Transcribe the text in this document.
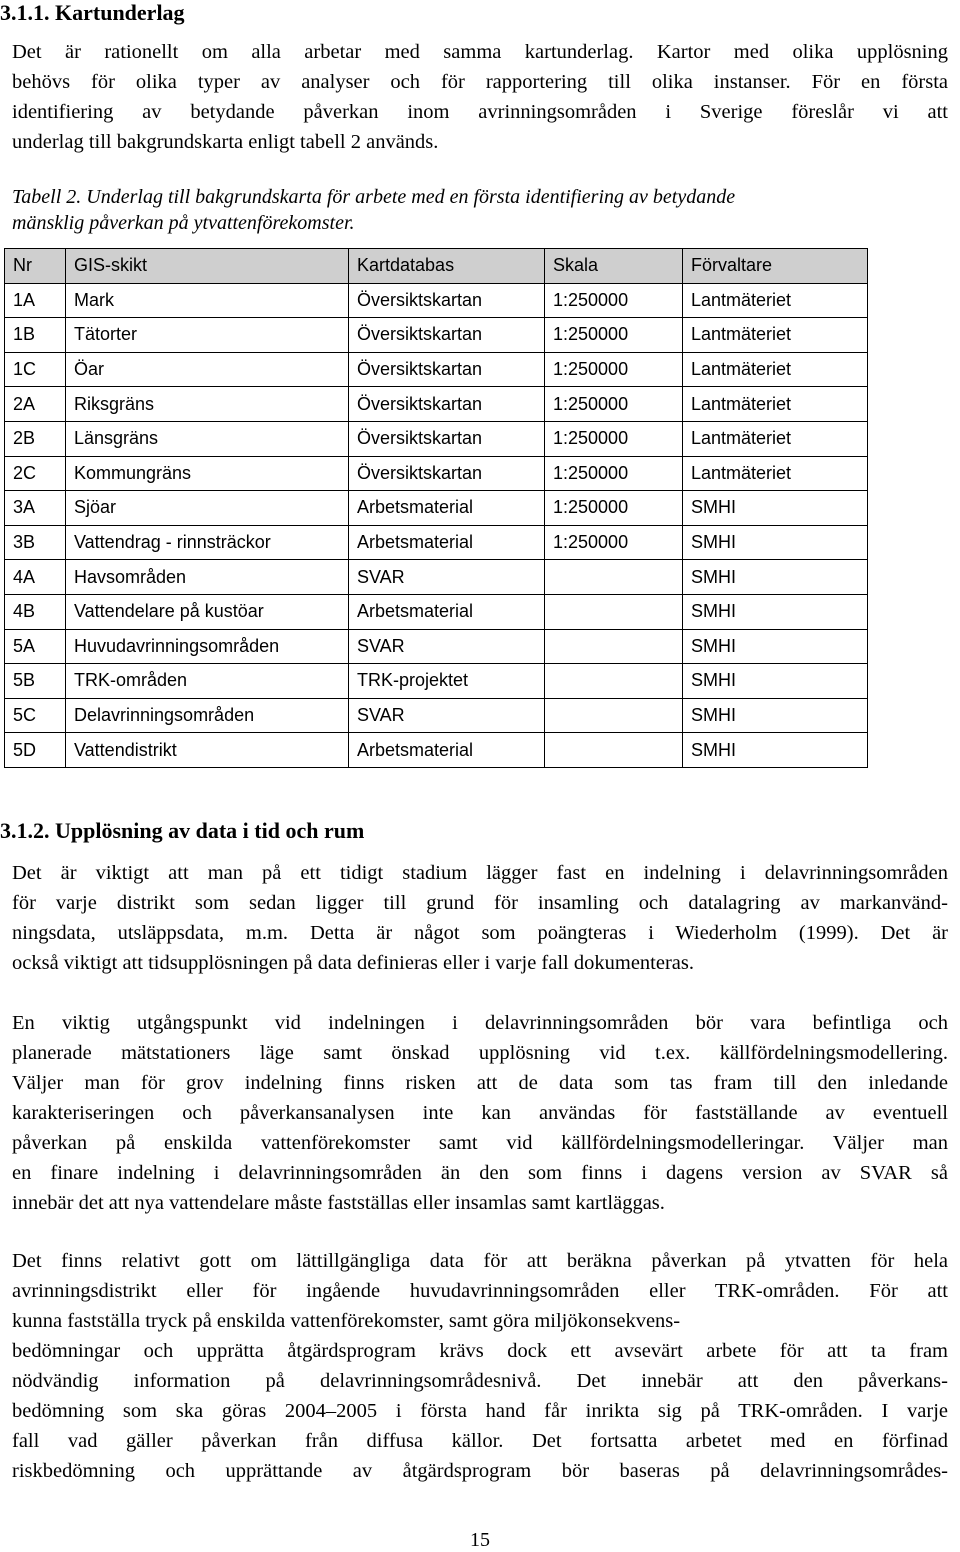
3.1.1. Kartunderlag

Det är rationellt om alla arbetar med samma kartunderlag. Kartor med olika upplösning
behövs för olika typer av analyser och för rapportering till olika instanser. För en första
identifiering av betydande påverkan inom avrinningsområden i Sverige föreslår vi att
underlag till bakgrundskarta enligt tabell 2 används.

Tabell 2. Underlag till bakgrundskarta för arbete med en första identifiering av betydande
mänsklig påverkan på ytvattenförekomster.

Nr	GIS-skikt	Kartdatabas	Skala	Förvaltare
1A	Mark	Översiktskartan	1:250000	Lantmäteriet
1B	Tätorter	Översiktskartan	1:250000	Lantmäteriet
1C	Öar	Översiktskartan	1:250000	Lantmäteriet
2A	Riksgräns	Översiktskartan	1:250000	Lantmäteriet
2B	Länsgräns	Översiktskartan	1:250000	Lantmäteriet
2C	Kommungräns	Översiktskartan	1:250000	Lantmäteriet
3A	Sjöar	Arbetsmaterial	1:250000	SMHI
3B	Vattendrag - rinnsträckor	Arbetsmaterial	1:250000	SMHI
4A	Havsområden	SVAR		SMHI
4B	Vattendelare på kustöar	Arbetsmaterial		SMHI
5A	Huvudavrinningsområden	SVAR		SMHI
5B	TRK-områden	TRK-projektet		SMHI
5C	Delavrinningsområden	SVAR		SMHI
5D	Vattendistrikt	Arbetsmaterial		SMHI
3.1.2. Upplösning av data i tid och rum

Det är viktigt att man på ett tidigt stadium lägger fast en indelning i delavrinningsområden
för varje distrikt som sedan ligger till grund för insamling och datalagring av markanvänd-
ningsdata, utsläppsdata, m.m. Detta är något som poängteras i Wiederholm (1999). Det är
också viktigt att tidsupplösningen på data definieras eller i varje fall dokumenteras.

En viktig utgångspunkt vid indelningen i delavrinningsområden bör vara befintliga och
planerade mätstationers läge samt önskad upplösning vid t.ex. källfördelningsmodellering.
Väljer man för grov indelning finns risken att de data som tas fram till den inledande
karakteriseringen och påverkansanalysen inte kan användas för fastställande av eventuell
påverkan på enskilda vattenförekomster samt vid källfördelningsmodelleringar. Väljer man
en finare indelning i delavrinningsområden än den som finns i dagens version av SVAR så
innebär det att nya vattendelare måste fastställas eller insamlas samt kartläggas.

Det finns relativt gott om lättillgängliga data för att beräkna påverkan på ytvatten för hela
avrinningsdistrikt eller för ingående huvudavrinningsområden eller TRK-områden. För att
kunna fastställa tryck på enskilda vattenförekomster, samt göra miljökonsekvens-
bedömningar och upprätta åtgärdsprogram krävs dock ett avsevärt arbete för att ta fram
nödvändig information på delavrinningsområdesnivå. Det innebär att den påverkans-
bedömning som ska göras 2004–2005 i första hand får inrikta sig på TRK-områden. I varje
fall vad gäller påverkan från diffusa källor. Det fortsatta arbetet med en förfinad
riskbedömning och upprättande av åtgärdsprogram bör baseras på delavrinningsområdes-

15
